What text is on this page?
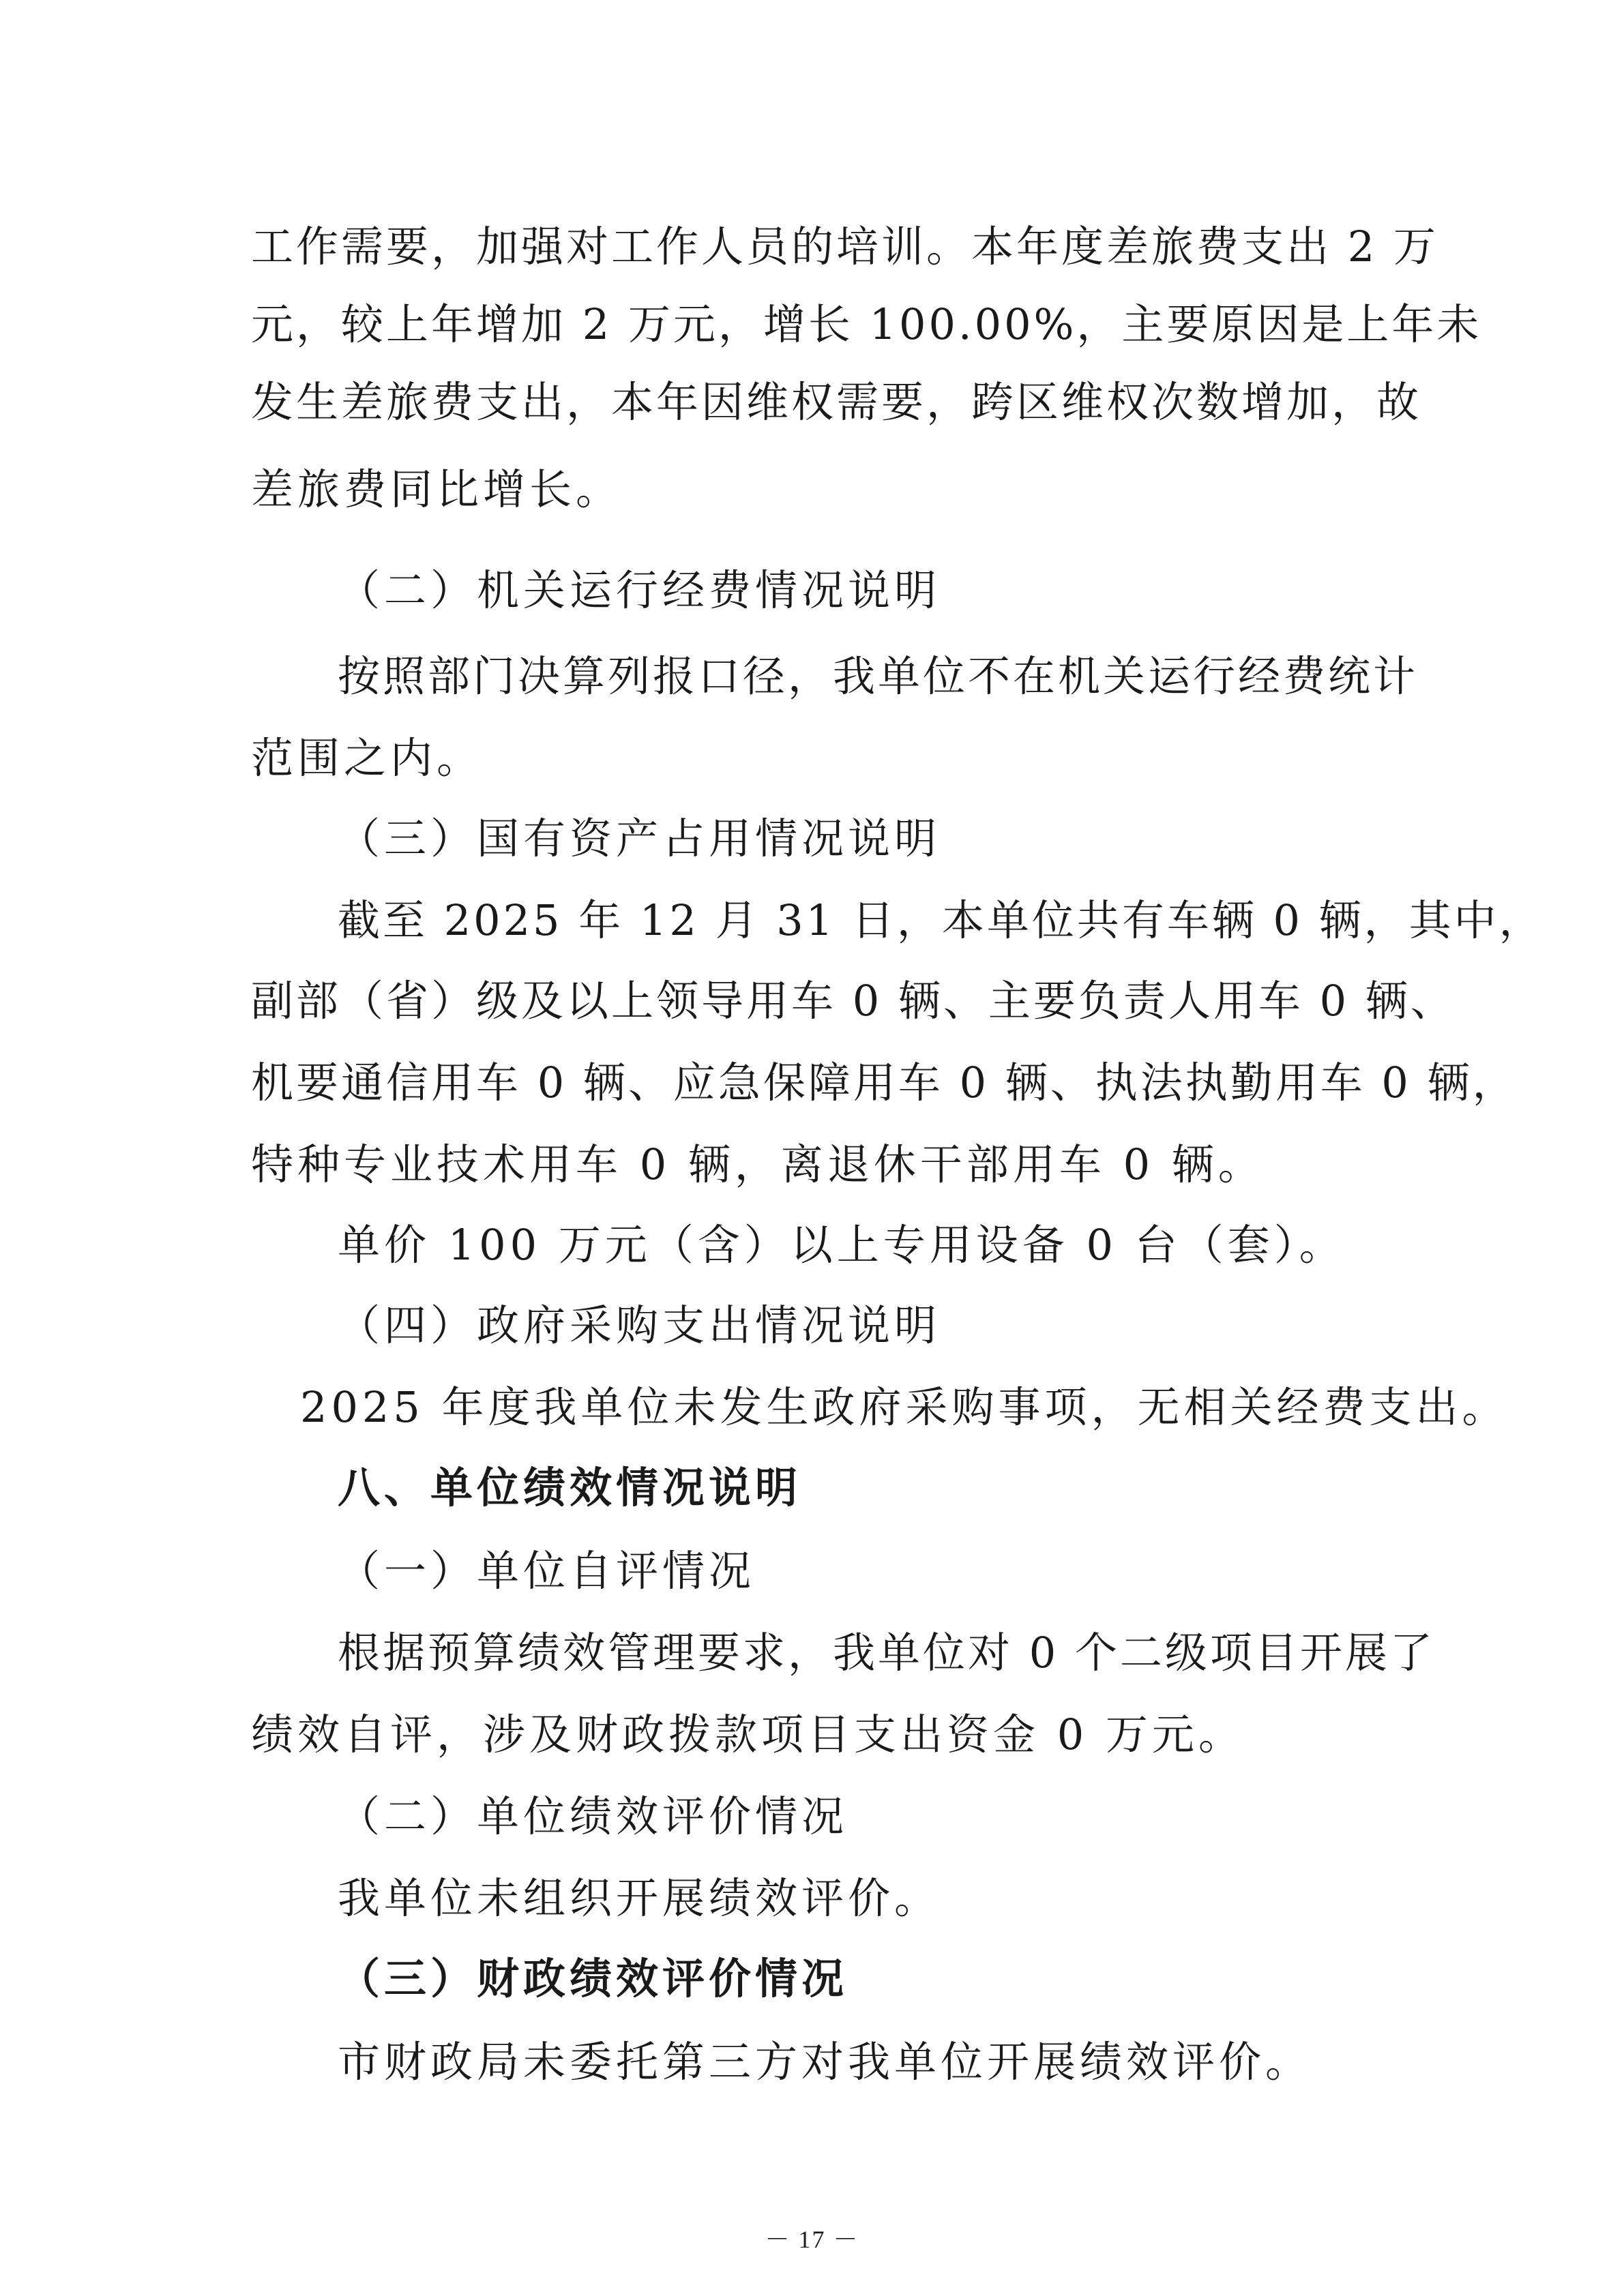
工作需要，加强对工作人员的培训。本年度差旅费支出 2 万
元，较上年增加 2 万元，增长 100.00%，主要原因是上年未
发生差旅费支出，本年因维权需要，跨区维权次数增加，故
差旅费同比增长。
（二）机关运行经费情况说明
按照部门决算列报口径，我单位不在机关运行经费统计
范围之内。
（三）国有资产占用情况说明
截至 2025 年 12 月 31 日，本单位共有车辆 0 辆，其中，
副部（省）级及以上领导用车 0 辆、主要负责人用车 0 辆、
机要通信用车 0 辆、应急保障用车 0 辆、执法执勤用车 0 辆，
特种专业技术用车 0 辆，离退休干部用车 0 辆。
单价 100 万元（含）以上专用设备 0 台（套）。
（四）政府采购支出情况说明
2025 年度我单位未发生政府采购事项，无相关经费支出。
八、单位绩效情况说明
（一）单位自评情况
根据预算绩效管理要求，我单位对 0 个二级项目开展了
绩效自评，涉及财政拨款项目支出资金 0 万元。
（二）单位绩效评价情况
我单位未组织开展绩效评价。
（三）财政绩效评价情况
市财政局未委托第三方对我单位开展绩效评价。
－ 17 －
